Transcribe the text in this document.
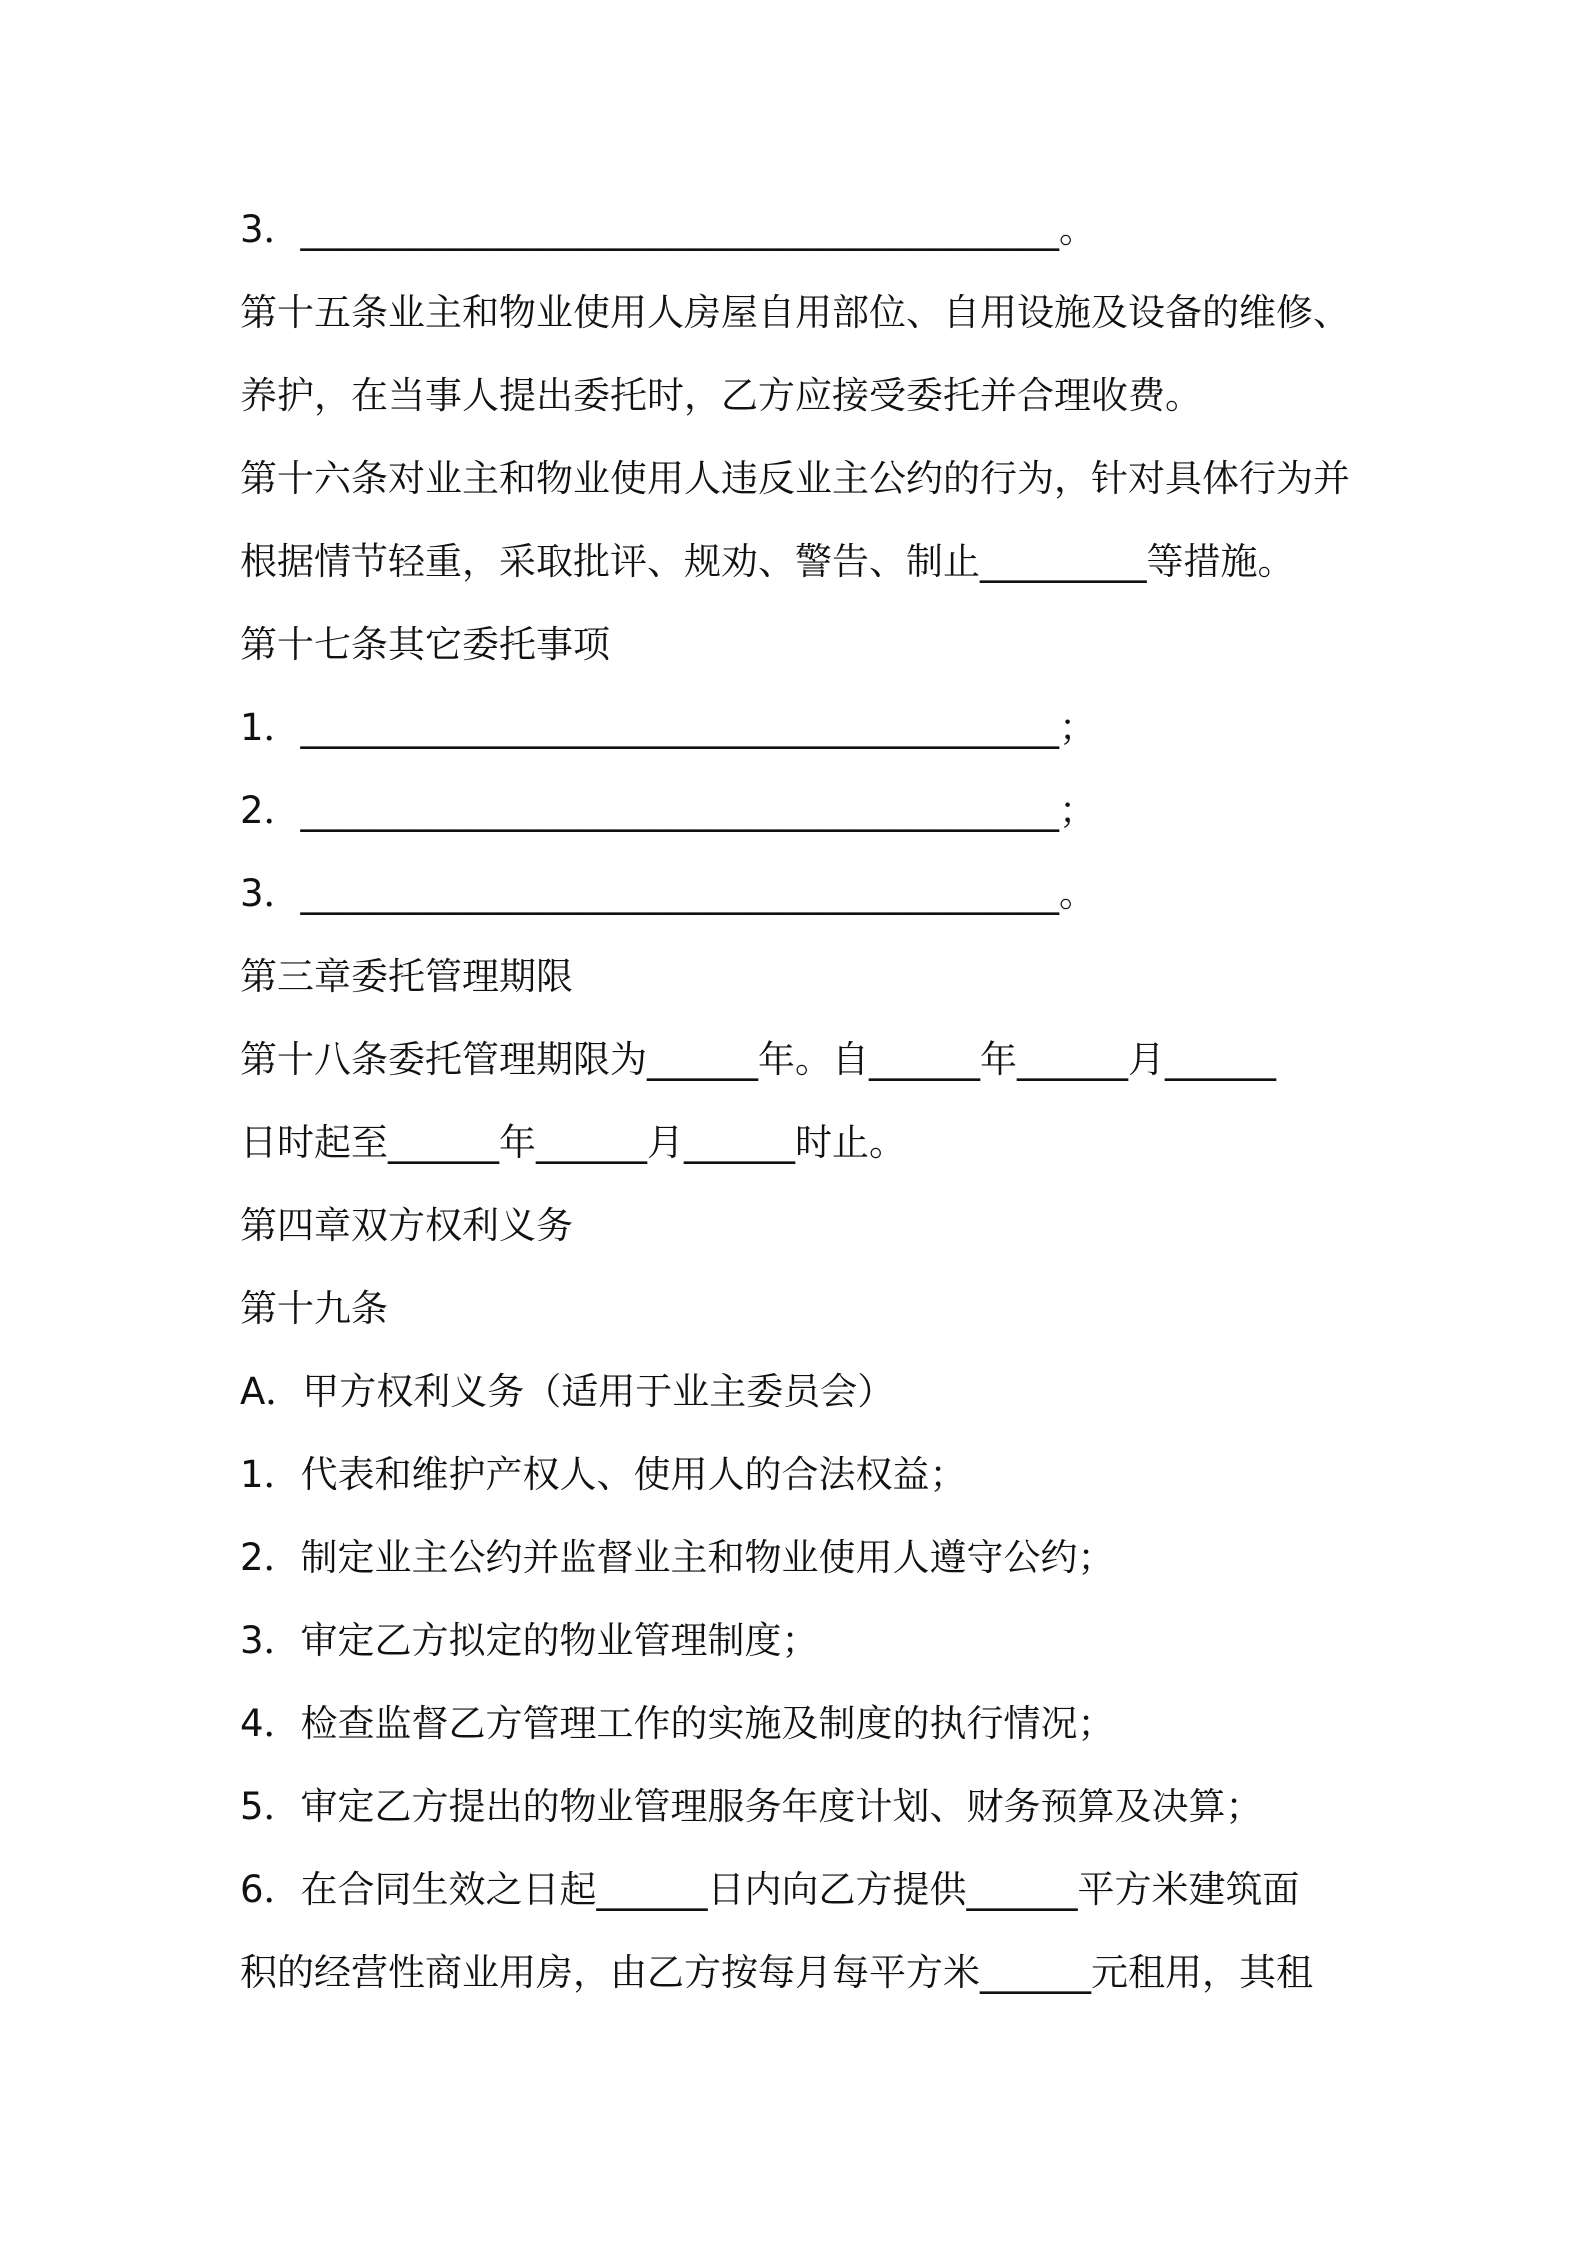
3．_________________________________________。
第十五条业主和物业使用人房屋自用部位、自用设施及设备的维修、
养护，在当事人提出委托时，乙方应接受委托并合理收费。
第十六条对业主和物业使用人违反业主公约的行为，针对具体行为并
根据情节轻重，采取批评、规劝、警告、制止_________等措施。
第十七条其它委托事项
1．_________________________________________；
2．_________________________________________；
3．_________________________________________。
第三章委托管理期限
第十八条委托管理期限为______年。自______年______月______
日时起至______年______月______时止。
第四章双方权利义务
第十九条
A．甲方权利义务（适用于业主委员会）
1．代表和维护产权人、使用人的合法权益；
2．制定业主公约并监督业主和物业使用人遵守公约；
3．审定乙方拟定的物业管理制度；
4．检查监督乙方管理工作的实施及制度的执行情况；
5．审定乙方提出的物业管理服务年度计划、财务预算及决算；
6．在合同生效之日起______日内向乙方提供______平方米建筑面
积的经营性商业用房，由乙方按每月每平方米______元租用，其租
